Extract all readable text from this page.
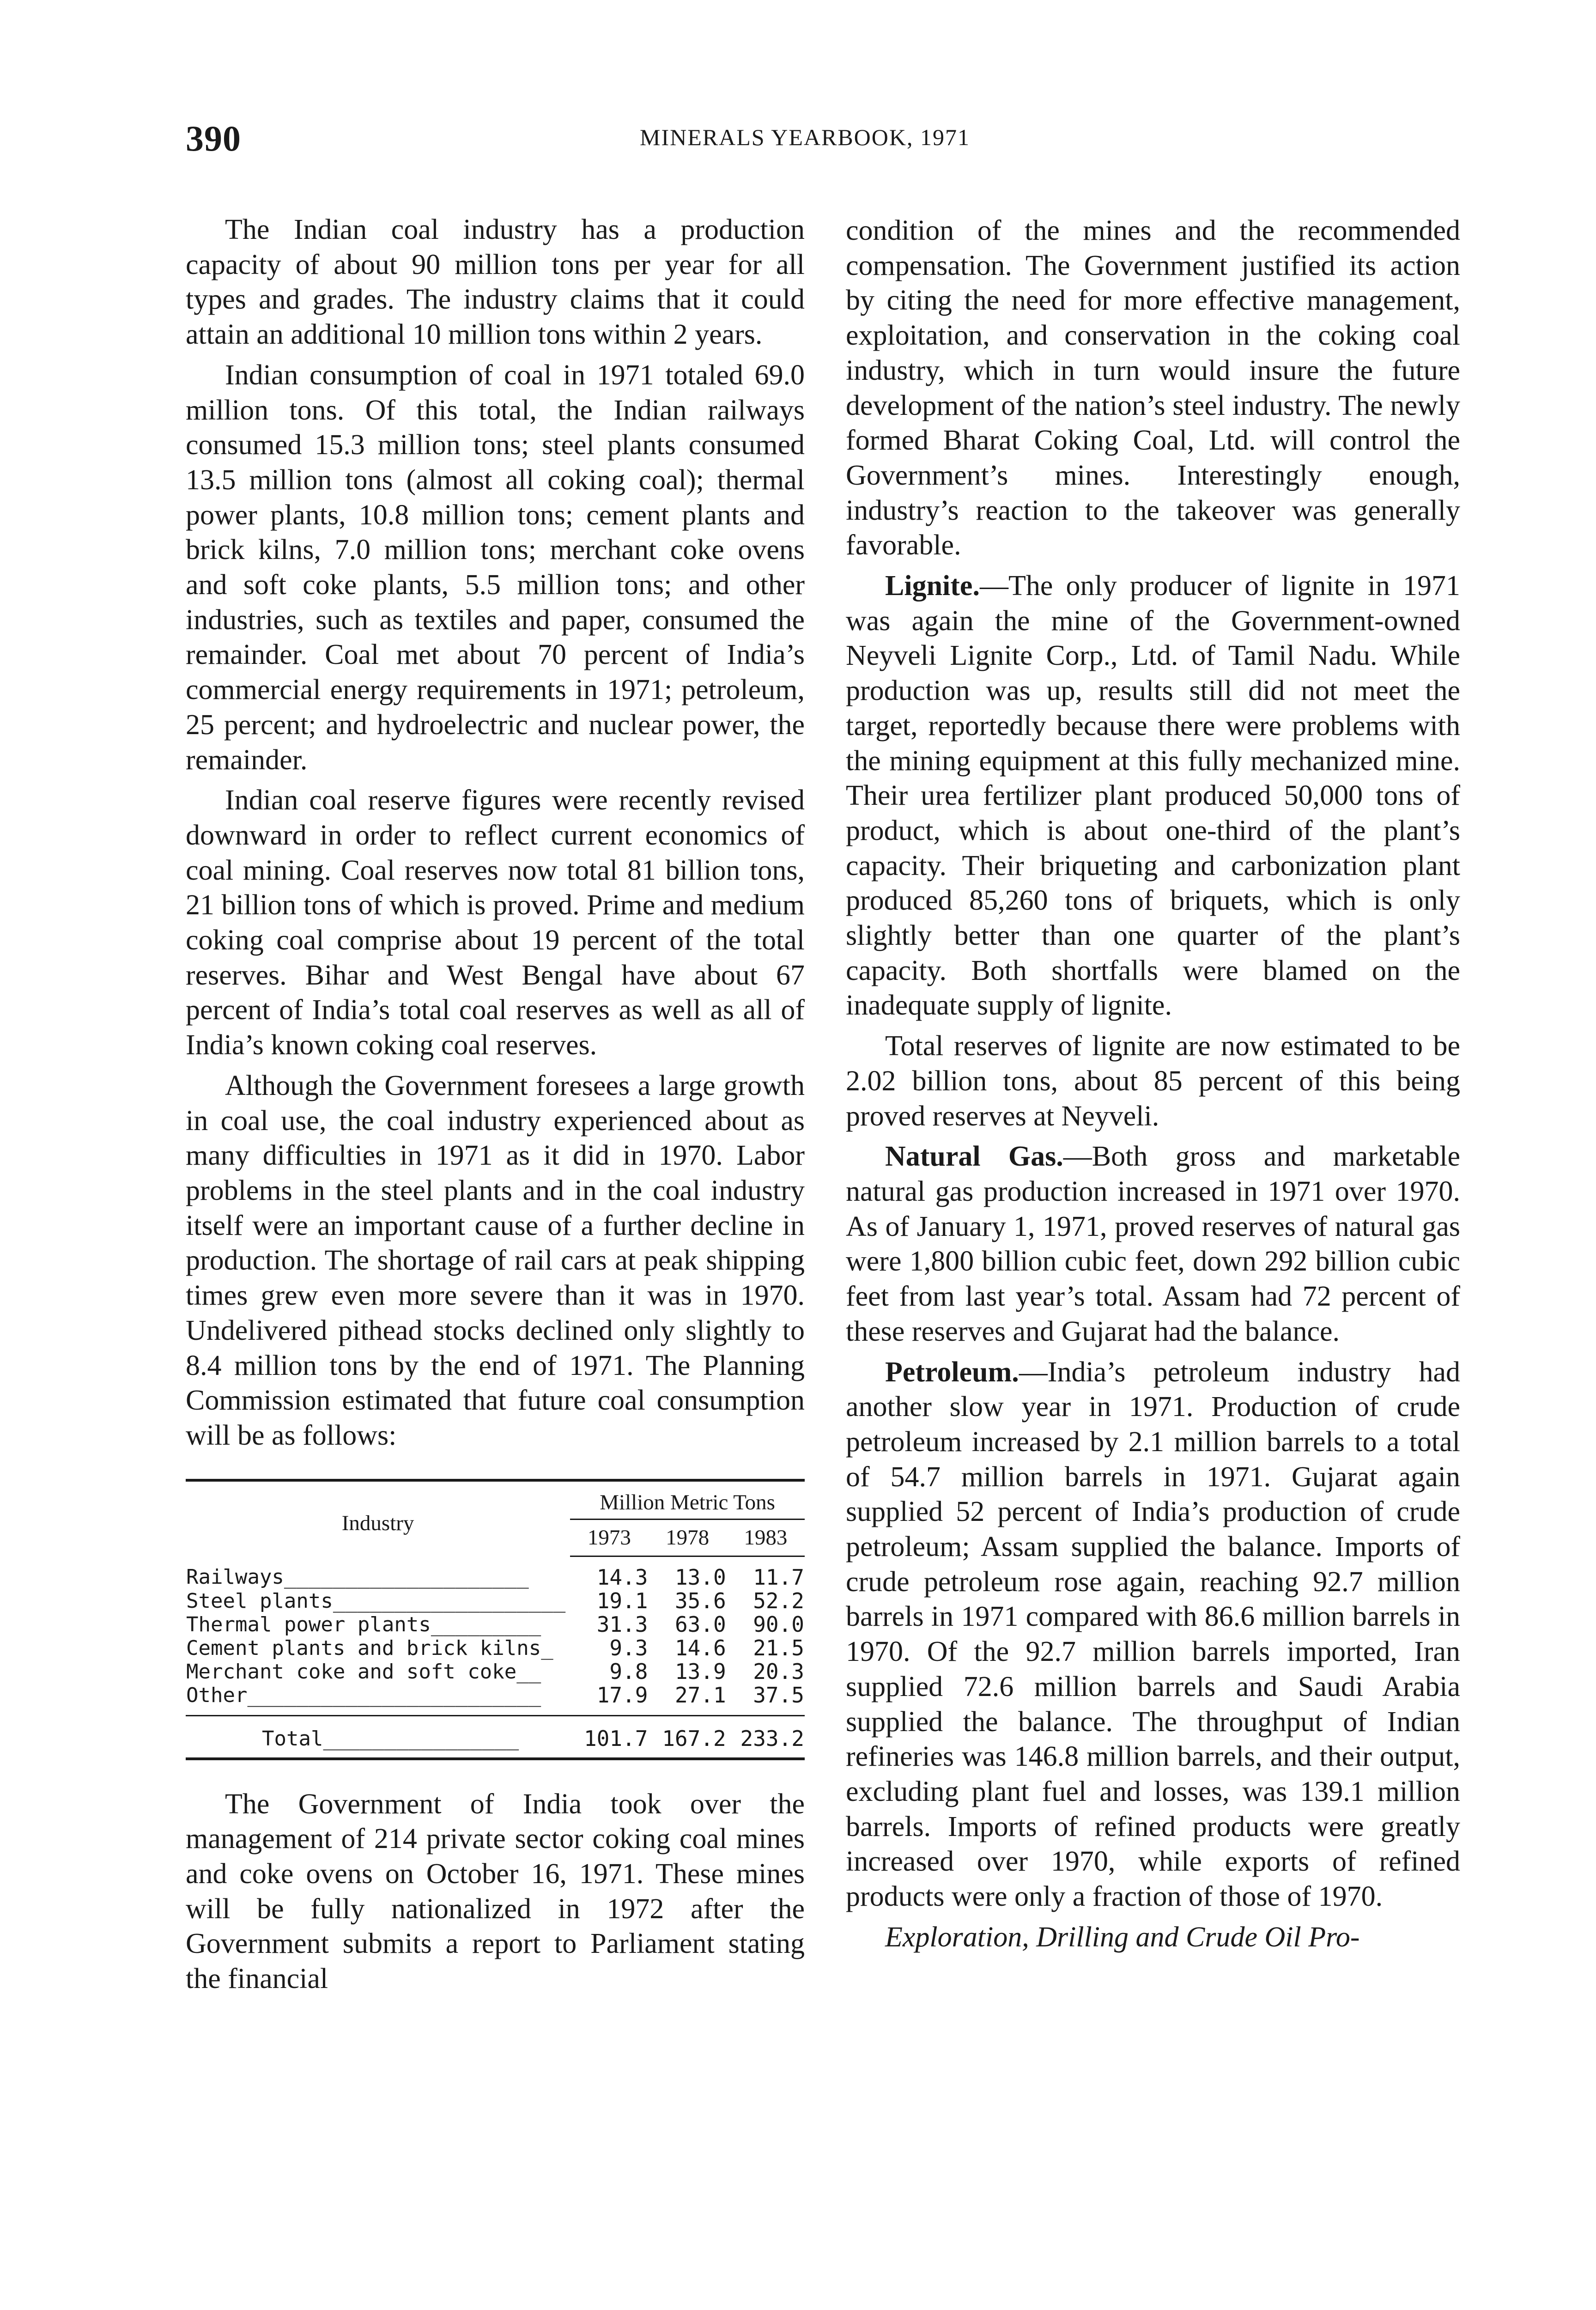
390	MINERALS YEARBOOK, 1971

The Indian coal industry has a production capacity of about 90 million tons per year for all types and grades. The industry claims that it could attain an additional 10 million tons within 2 years.

Indian consumption of coal in 1971 totaled 69.0 million tons. Of this total, the Indian railways consumed 15.3 million tons; steel plants consumed 13.5 million tons (almost all coking coal); thermal power plants, 10.8 million tons; cement plants and brick kilns, 7.0 million tons; merchant coke ovens and soft coke plants, 5.5 million tons; and other industries, such as textiles and paper, consumed the remainder. Coal met about 70 percent of India’s commercial energy requirements in 1971; petroleum, 25 percent; and hydroelectric and nuclear power, the remainder.

Indian coal reserve figures were recently revised downward in order to reflect current economics of coal mining. Coal reserves now total 81 billion tons, 21 billion tons of which is proved. Prime and medium coking coal comprise about 19 percent of the total reserves. Bihar and West Bengal have about 67 percent of India’s total coal reserves as well as all of India’s known coking coal reserves.

Although the Government foresees a large growth in coal use, the coal industry experienced about as many difficulties in 1971 as it did in 1970. Labor problems in the steel plants and in the coal industry itself were an important cause of a further decline in production. The shortage of rail cars at peak shipping times grew even more severe than it was in 1970. Undelivered pithead stocks declined only slightly to 8.4 million tons by the end of 1971. The Planning Commission estimated that future coal consumption will be as follows:

Industry	Million Metric Tons		
	1973	1978	1983
Railways____________________	14.3	13.0	11.7
Steel plants___________________	19.1	35.6	52.2
Thermal power plants_________	31.3	63.0	90.0
Cement plants and brick kilns_	9.3	14.6	21.5
Merchant coke and soft coke__	9.8	13.9	20.3
Other________________________	17.9	27.1	37.5
Total________________	101.7	167.2	233.2

The Government of India took over the management of 214 private sector coking coal mines and coke ovens on October 16, 1971. These mines will be fully nationalized in 1972 after the Government submits a report to Parliament stating the financial

condition of the mines and the recommended compensation. The Government justified its action by citing the need for more effective management, exploitation, and conservation in the coking coal industry, which in turn would insure the future development of the nation’s steel industry. The newly formed Bharat Coking Coal, Ltd. will control the Government’s mines. Interestingly enough, industry’s reaction to the takeover was generally favorable.

Lignite.—The only producer of lignite in 1971 was again the mine of the Government-owned Neyveli Lignite Corp., Ltd. of Tamil Nadu. While production was up, results still did not meet the target, reportedly because there were problems with the mining equipment at this fully mechanized mine. Their urea fertilizer plant produced 50,000 tons of product, which is about one-third of the plant’s capacity. Their briqueting and carbonization plant produced 85,260 tons of briquets, which is only slightly better than one quarter of the plant’s capacity. Both shortfalls were blamed on the inadequate supply of lignite.

Total reserves of lignite are now estimated to be 2.02 billion tons, about 85 percent of this being proved reserves at Neyveli.

Natural Gas.—Both gross and marketable natural gas production increased in 1971 over 1970. As of January 1, 1971, proved reserves of natural gas were 1,800 billion cubic feet, down 292 billion cubic feet from last year’s total. Assam had 72 percent of these reserves and Gujarat had the balance.

Petroleum.—India’s petroleum industry had another slow year in 1971. Production of crude petroleum increased by 2.1 million barrels to a total of 54.7 million barrels in 1971. Gujarat again supplied 52 percent of India’s production of crude petroleum; Assam supplied the balance. Imports of crude petroleum rose again, reaching 92.7 million barrels in 1971 compared with 86.6 million barrels in 1970. Of the 92.7 million barrels imported, Iran supplied 72.6 million barrels and Saudi Arabia supplied the balance. The throughput of Indian refineries was 146.8 million barrels, and their output, excluding plant fuel and losses, was 139.1 million barrels. Imports of refined products were greatly increased over 1970, while exports of refined products were only a fraction of those of 1970.

Exploration, Drilling and Crude Oil Pro-
